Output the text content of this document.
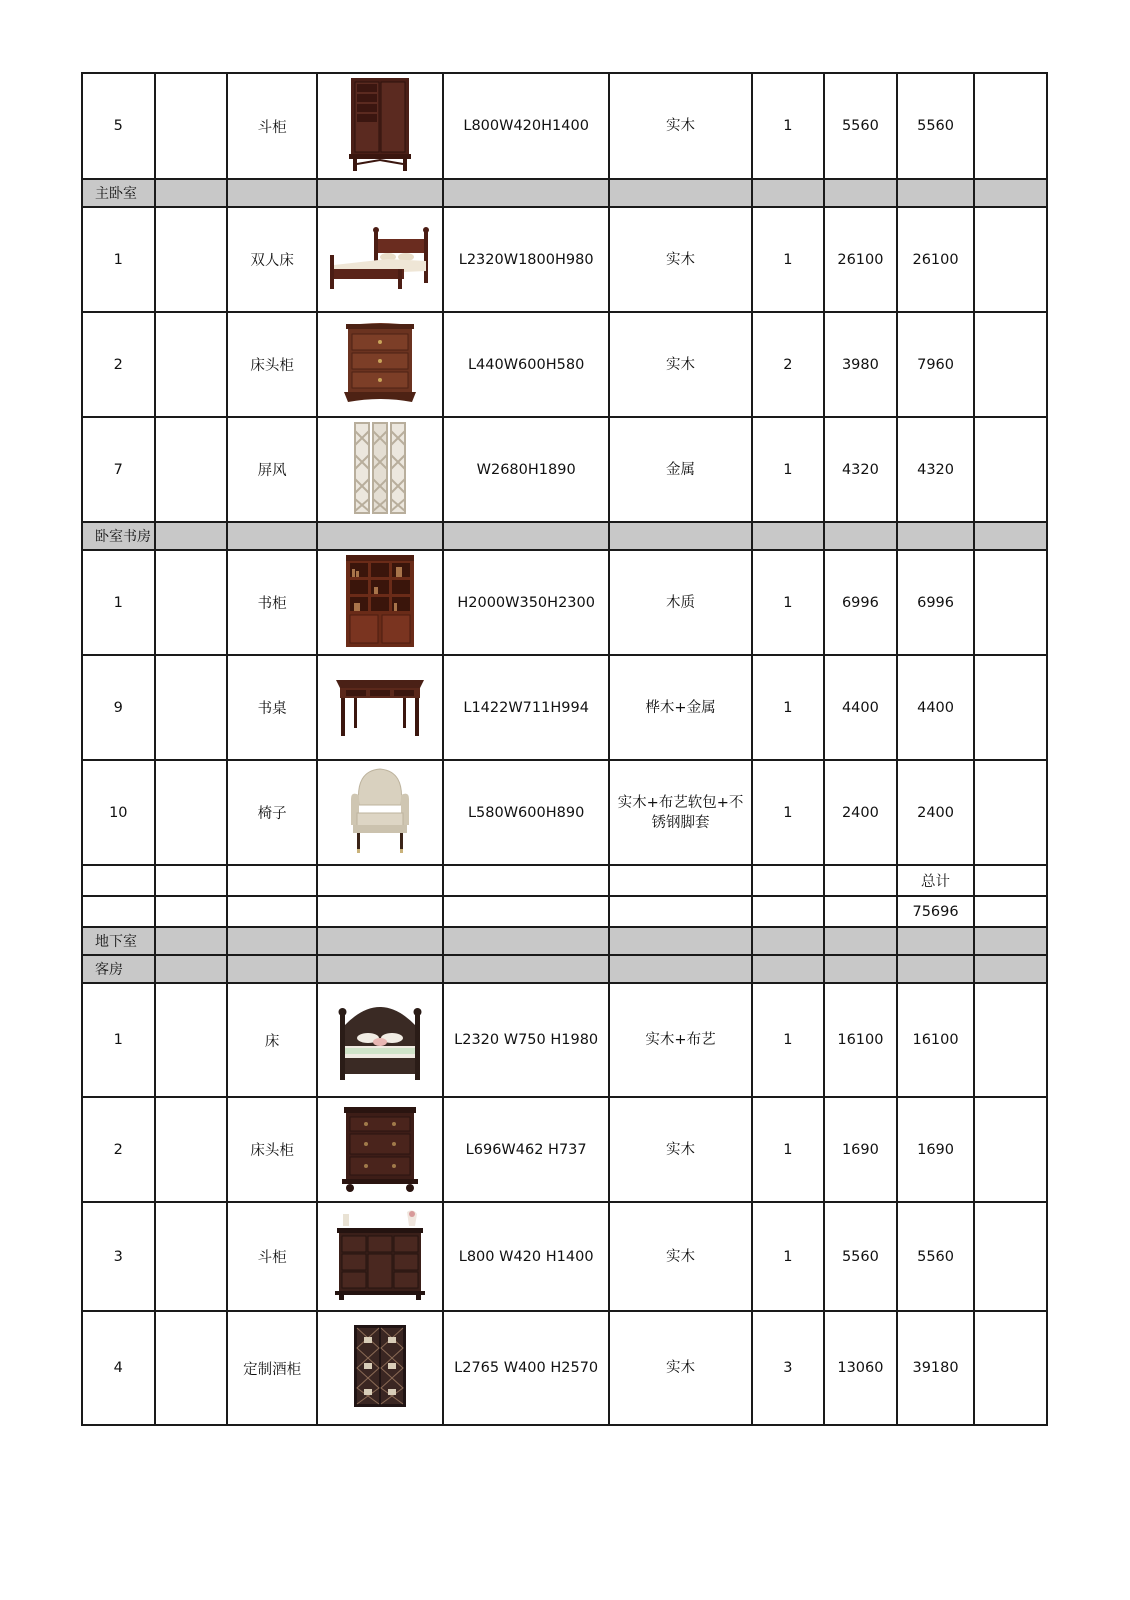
5		斗柜		L800W420H1400	实木	1	5560	5560	
主卧室									
1		双人床		L2320W1800H980	实木	1	26100	26100	
2		床头柜		L440W600H580	实木	2	3980	7960	
7		屏风		W2680H1890	金属	1	4320	4320	
卧室书房									
1		书柜		H2000W350H2300	木质	1	6996	6996	
9		书桌		L1422W711H994	桦木+金属	1	4400	4400	
10		椅子		L580W600H890	实木+布艺软包+不锈钢脚套	1	2400	2400	
								总计	
								75696	
地下室									
客房									
1		床		L2320 W750 H1980	实木+布艺	1	16100	16100	
2		床头柜		L696W462 H737	实木	1	1690	1690	
3		斗柜		L800 W420 H1400	实木	1	5560	5560	
4		定制酒柜		L2765 W400 H2570	实木	3	13060	39180	
